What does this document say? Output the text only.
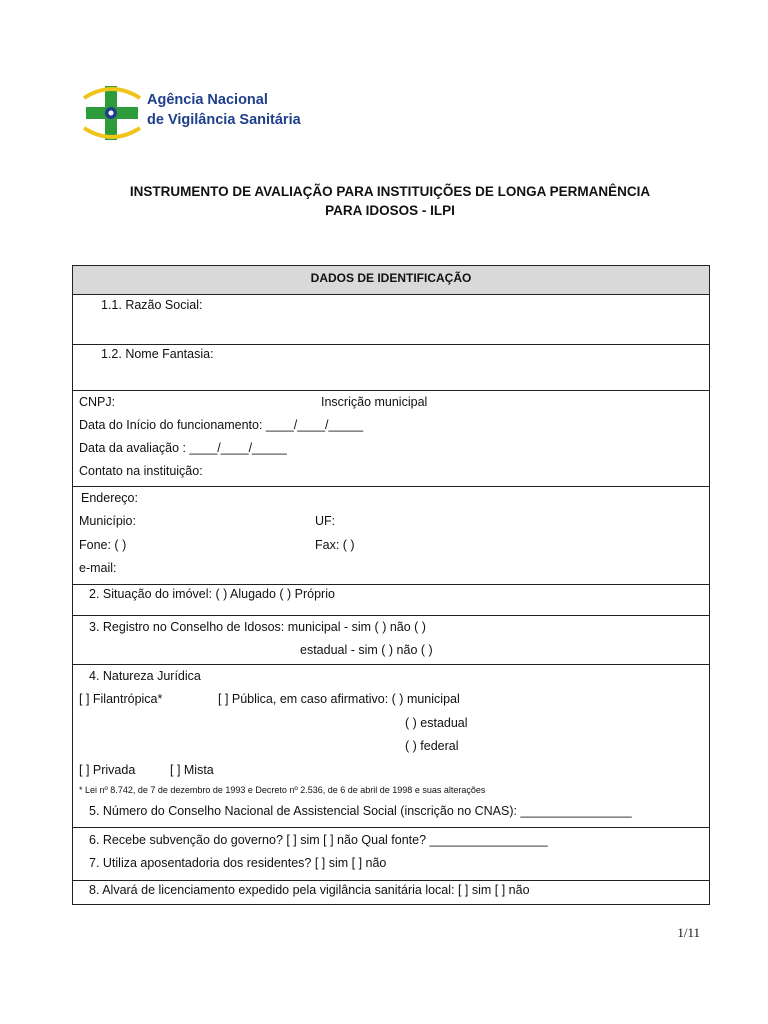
Agência Nacional
de Vigilância Sanitária
INSTRUMENTO DE AVALIAÇÃO PARA INSTITUIÇÕES DE LONGA PERMANÊNCIA
PARA IDOSOS - ILPI
DADOS DE IDENTIFICAÇÃO
1.1. Razão Social:
1.2. Nome Fantasia:
CNPJ:	Inscrição municipal
Data do Início do funcionamento: ____/____/_____
Data da avaliação : ____/____/_____
Contato na instituição:
Endereço:
Município:	UF:
Fone: ( )	Fax: ( )
e-mail:
2. Situação do imóvel: ( ) Alugado ( ) Próprio
3. Registro no Conselho de Idosos: municipal - sim ( ) não ( )
estadual - sim ( ) não ( )
4. Natureza Jurídica
[ ] Filantrópica*	[ ] Pública, em caso afirmativo: ( ) municipal
( ) estadual
( ) federal
[ ] Privada	[ ] Mista
* Lei nº 8.742, de 7 de dezembro de 1993 e Decreto nº 2.536, de 6 de abril de 1998 e suas alterações
5. Número do Conselho Nacional de Assistencial Social (inscrição no CNAS): ________________
6. Recebe subvenção do governo? [ ] sim [ ] não Qual fonte? _________________
7. Utiliza aposentadoria dos residentes? [ ] sim [ ] não
8. Alvará de licenciamento expedido pela vigilância sanitária local: [ ] sim [ ] não
1/11
